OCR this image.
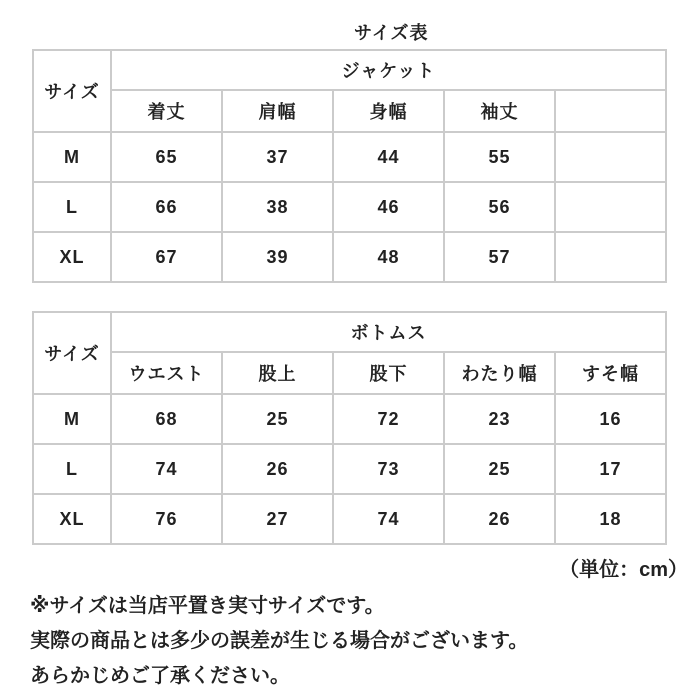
サイズ表
サイズ	ジャケット				
	着丈	肩幅	身幅	袖丈	
M	65	37	44	55	
L	66	38	46	56	
XL	67	39	48	57	
サイズ	ボトムス				
	ウエスト	股上	股下	わたり幅	すそ幅
M	68	25	72	23	16
L	74	26	73	25	17
XL	76	27	74	26	18
（単位：cm）
※サイズは当店平置き実寸サイズです。
実際の商品とは多少の誤差が生じる場合がございます。
あらかじめご了承ください。
